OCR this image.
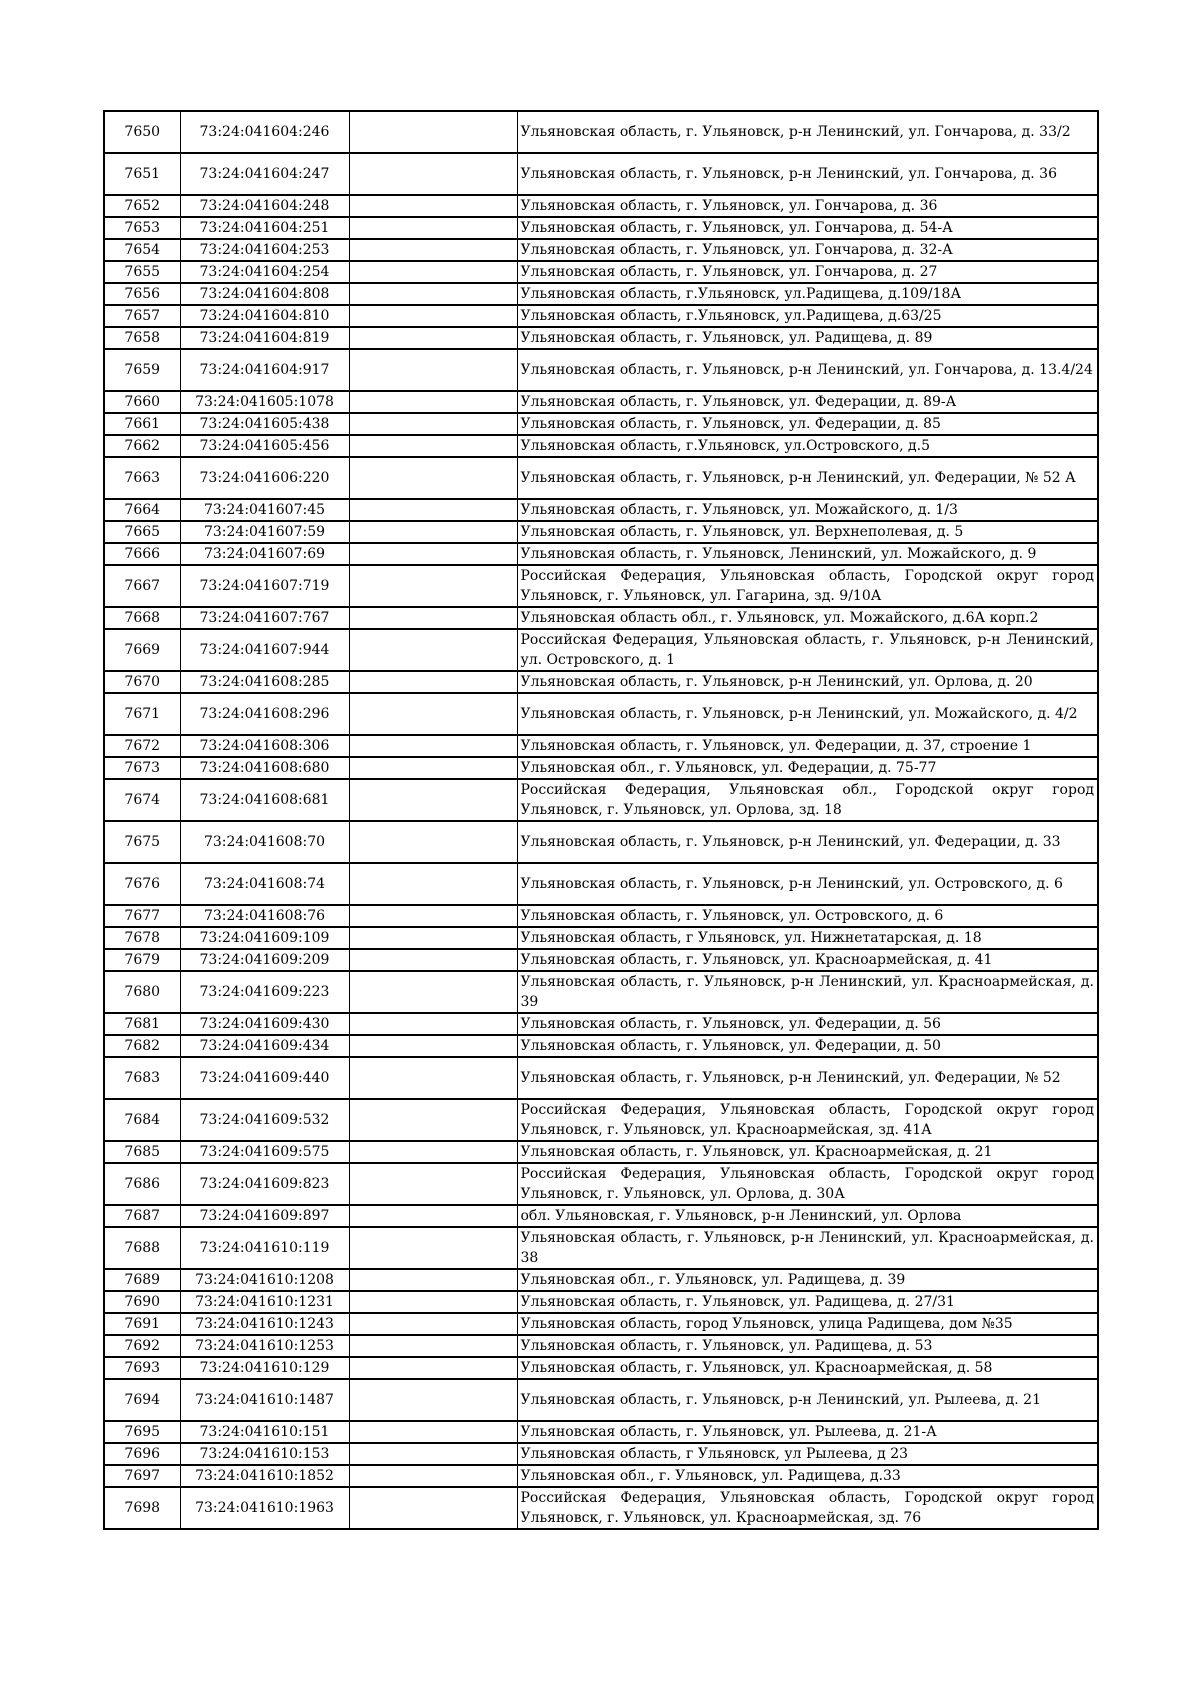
7650	73:24:041604:246		Ульяновская область, г. Ульяновск, р-н Ленинский, ул. Гончарова, д. 33/2
7651	73:24:041604:247		Ульяновская область, г. Ульяновск, р-н Ленинский, ул. Гончарова, д. 36
7652	73:24:041604:248		Ульяновская область, г. Ульяновск, ул. Гончарова, д. 36
7653	73:24:041604:251		Ульяновская область, г. Ульяновск, ул. Гончарова, д. 54-А
7654	73:24:041604:253		Ульяновская область, г. Ульяновск, ул. Гончарова, д. 32-А
7655	73:24:041604:254		Ульяновская область, г. Ульяновск, ул. Гончарова, д. 27
7656	73:24:041604:808		Ульяновская область, г.Ульяновск, ул.Радищева, д.109/18А
7657	73:24:041604:810		Ульяновская область, г.Ульяновск, ул.Радищева, д.63/25
7658	73:24:041604:819		Ульяновская область, г. Ульяновск, ул. Радищева, д. 89
7659	73:24:041604:917		Ульяновская область, г. Ульяновск, р-н Ленинский, ул. Гончарова, д. 13.4/24
7660	73:24:041605:1078		Ульяновская область, г. Ульяновск, ул. Федерации, д. 89-А
7661	73:24:041605:438		Ульяновская область, г. Ульяновск, ул. Федерации, д. 85
7662	73:24:041605:456		Ульяновская область, г.Ульяновск, ул.Островского, д.5
7663	73:24:041606:220		Ульяновская область, г. Ульяновск, р-н Ленинский, ул. Федерации, № 52 А
7664	73:24:041607:45		Ульяновская область, г. Ульяновск, ул. Можайского, д. 1/3
7665	73:24:041607:59		Ульяновская область, г. Ульяновск, ул. Верхнеполевая, д. 5
7666	73:24:041607:69		Ульяновская область, г. Ульяновск, Ленинский, ул. Можайского, д. 9
7667	73:24:041607:719		Российская Федерация, Ульяновская область, Городской округ город Ульяновск, г. Ульяновск, ул. Гагарина, зд. 9/10А
7668	73:24:041607:767		Ульяновская область обл., г. Ульяновск, ул. Можайского, д.6А корп.2
7669	73:24:041607:944		Российская Федерация, Ульяновская область, г. Ульяновск, р-н Ленинский, ул. Островского, д. 1
7670	73:24:041608:285		Ульяновская область, г. Ульяновск, р-н Ленинский, ул. Орлова, д. 20
7671	73:24:041608:296		Ульяновская область, г. Ульяновск, р-н Ленинский, ул. Можайского, д. 4/2
7672	73:24:041608:306		Ульяновская область, г. Ульяновск, ул. Федерации, д. 37, строение 1
7673	73:24:041608:680		Ульяновская обл., г. Ульяновск, ул. Федерации, д. 75-77
7674	73:24:041608:681		Российская Федерация, Ульяновская обл., Городской округ город Ульяновск, г. Ульяновск, ул. Орлова, зд. 18
7675	73:24:041608:70		Ульяновская область, г. Ульяновск, р-н Ленинский, ул. Федерации, д. 33
7676	73:24:041608:74		Ульяновская область, г. Ульяновск, р-н Ленинский, ул. Островского, д. 6
7677	73:24:041608:76		Ульяновская область, г. Ульяновск, ул. Островского, д. 6
7678	73:24:041609:109		Ульяновская область, г Ульяновск, ул. Нижнетатарская, д. 18
7679	73:24:041609:209		Ульяновская область, г. Ульяновск, ул. Красноармейская, д. 41
7680	73:24:041609:223		Ульяновская область, г. Ульяновск, р-н Ленинский, ул. Красноармейская, д. 39
7681	73:24:041609:430		Ульяновская область, г. Ульяновск, ул. Федерации, д. 56
7682	73:24:041609:434		Ульяновская область, г. Ульяновск, ул. Федерации, д. 50
7683	73:24:041609:440		Ульяновская область, г. Ульяновск, р-н Ленинский, ул. Федерации, № 52
7684	73:24:041609:532		Российская Федерация, Ульяновская область, Городской округ город Ульяновск, г. Ульяновск, ул. Красноармейская, зд. 41А
7685	73:24:041609:575		Ульяновская область, г. Ульяновск, ул. Красноармейская, д. 21
7686	73:24:041609:823		Российская Федерация, Ульяновская область, Городской округ город Ульяновск, г. Ульяновск, ул. Орлова, д. 30А
7687	73:24:041609:897		обл. Ульяновская, г. Ульяновск, р-н Ленинский, ул. Орлова
7688	73:24:041610:119		Ульяновская область, г. Ульяновск, р-н Ленинский, ул. Красноармейская, д. 38
7689	73:24:041610:1208		Ульяновская обл., г. Ульяновск, ул. Радищева, д. 39
7690	73:24:041610:1231		Ульяновская область, г. Ульяновск, ул. Радищева, д. 27/31
7691	73:24:041610:1243		Ульяновская область, город Ульяновск, улица Радищева, дом №35
7692	73:24:041610:1253		Ульяновская область, г. Ульяновск, ул. Радищева, д. 53
7693	73:24:041610:129		Ульяновская область, г. Ульяновск, ул. Красноармейская, д. 58
7694	73:24:041610:1487		Ульяновская область, г. Ульяновск, р-н Ленинский, ул. Рылеева, д. 21
7695	73:24:041610:151		Ульяновская область, г. Ульяновск, ул. Рылеева, д. 21-А
7696	73:24:041610:153		Ульяновская область, г Ульяновск, ул Рылеева, д 23
7697	73:24:041610:1852		Ульяновская обл., г. Ульяновск, ул. Радищева, д.33
7698	73:24:041610:1963		Российская Федерация, Ульяновская область, Городской округ город Ульяновск, г. Ульяновск, ул. Красноармейская, зд. 76
